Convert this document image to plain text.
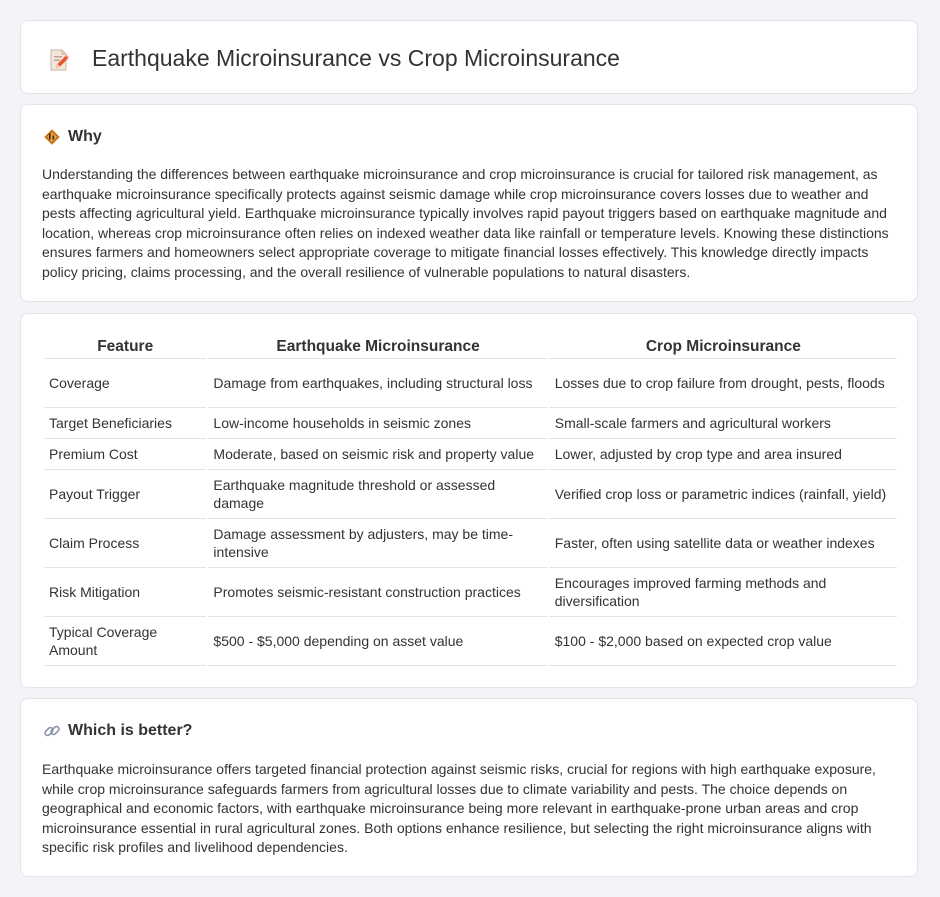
Earthquake Microinsurance vs Crop Microinsurance
Why

Understanding the differences between earthquake microinsurance and crop microinsurance is crucial for tailored risk management, as earthquake microinsurance specifically protects against seismic damage while crop microinsurance covers losses due to weather and pests affecting agricultural yield. Earthquake microinsurance typically involves rapid payout triggers based on earthquake magnitude and location, whereas crop microinsurance often relies on indexed weather data like rainfall or temperature levels. Knowing these distinctions ensures farmers and homeowners select appropriate coverage to mitigate financial losses effectively. This knowledge directly impacts policy pricing, claims processing, and the overall resilience of vulnerable populations to natural disasters.

Feature	Earthquake Microinsurance	Crop Microinsurance
Coverage	Damage from earthquakes, including structural loss	Losses due to crop failure from drought, pests, floods
Target Beneficiaries	Low-income households in seismic zones	Small-scale farmers and agricultural workers
Premium Cost	Moderate, based on seismic risk and property value	Lower, adjusted by crop type and area insured
Payout Trigger	Earthquake magnitude threshold or assessed damage	Verified crop loss or parametric indices (rainfall, yield)
Claim Process	Damage assessment by adjusters, may be time-intensive	Faster, often using satellite data or weather indexes
Risk Mitigation	Promotes seismic-resistant construction practices	Encourages improved farming methods and diversification
Typical Coverage Amount	$500 - $5,000 depending on asset value	$100 - $2,000 based on expected crop value
Which is better?

Earthquake microinsurance offers targeted financial protection against seismic risks, crucial for regions with high earthquake exposure, while crop microinsurance safeguards farmers from agricultural losses due to climate variability and pests. The choice depends on geographical and economic factors, with earthquake microinsurance being more relevant in earthquake-prone urban areas and crop microinsurance essential in rural agricultural zones. Both options enhance resilience, but selecting the right microinsurance aligns with specific risk profiles and livelihood dependencies.
